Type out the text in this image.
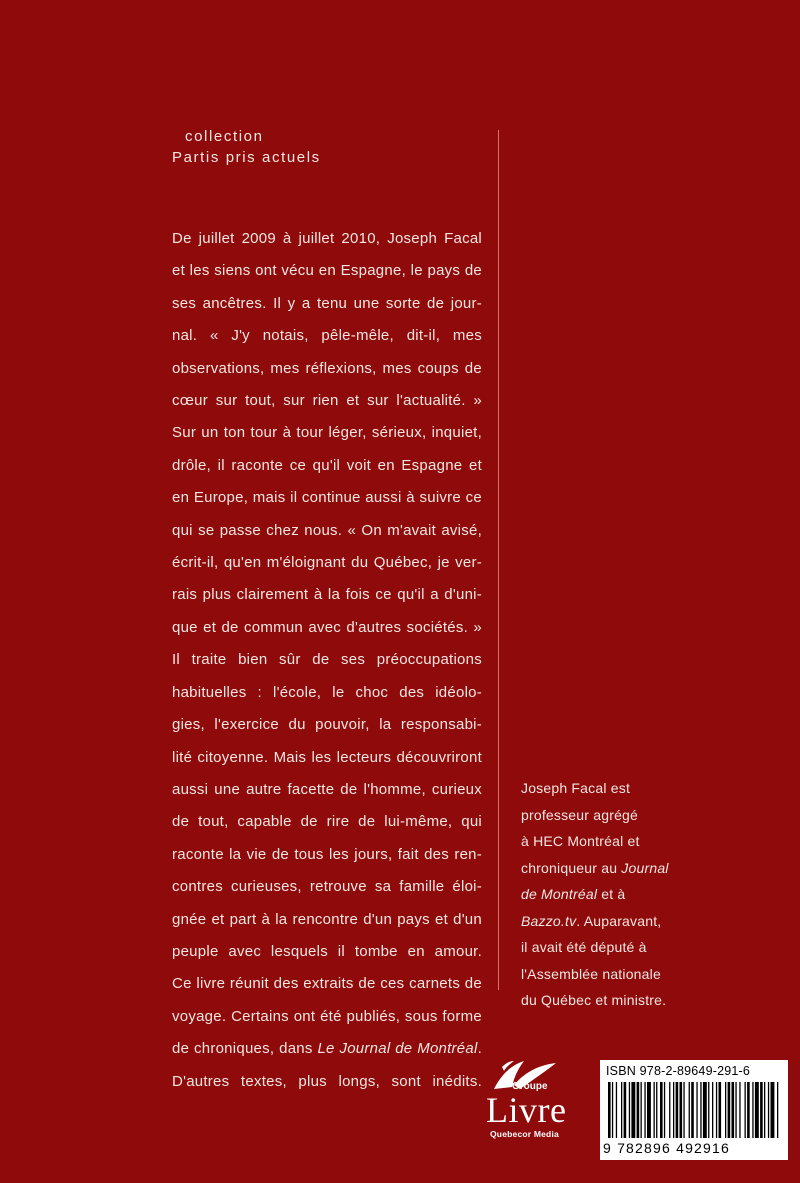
collection
Partis pris actuels
De juillet 2009 à juillet 2010, Joseph Facal
et les siens ont vécu en Espagne, le pays de
ses ancêtres. Il y a tenu une sorte de jour-
nal. « J'y notais, pêle-mêle, dit-il, mes
observations, mes réflexions, mes coups de
cœur sur tout, sur rien et sur l'actualité. »
Sur un ton tour à tour léger, sérieux, inquiet,
drôle, il raconte ce qu'il voit en Espagne et
en Europe, mais il continue aussi à suivre ce
qui se passe chez nous. « On m'avait avisé,
écrit-il, qu'en m'éloignant du Québec, je ver-
rais plus clairement à la fois ce qu'il a d'uni-
que et de commun avec d'autres sociétés. »
Il traite bien sûr de ses préoccupations
habituelles : l'école, le choc des idéolo-
gies, l'exercice du pouvoir, la responsabi-
lité citoyenne. Mais les lecteurs découvriront
aussi une autre facette de l'homme, curieux
de tout, capable de rire de lui-même, qui
raconte la vie de tous les jours, fait des ren-
contres curieuses, retrouve sa famille éloi-
gnée et part à la rencontre d'un pays et d'un
peuple avec lesquels il tombe en amour.
Ce livre réunit des extraits de ces carnets de
voyage. Certains ont été publiés, sous forme
de chroniques, dans Le Journal de Montréal.
D'autres textes, plus longs, sont inédits.
Joseph Facal est
professeur agrégé
à HEC Montréal et
chroniqueur au Journal
de Montréal et à
Bazzo.tv. Auparavant,
il avait été député à
l'Assemblée nationale
du Québec et ministre.
Groupe
Livre
Quebecor Media
ISBN 978-2-89649-291-6
9 782896 492916
